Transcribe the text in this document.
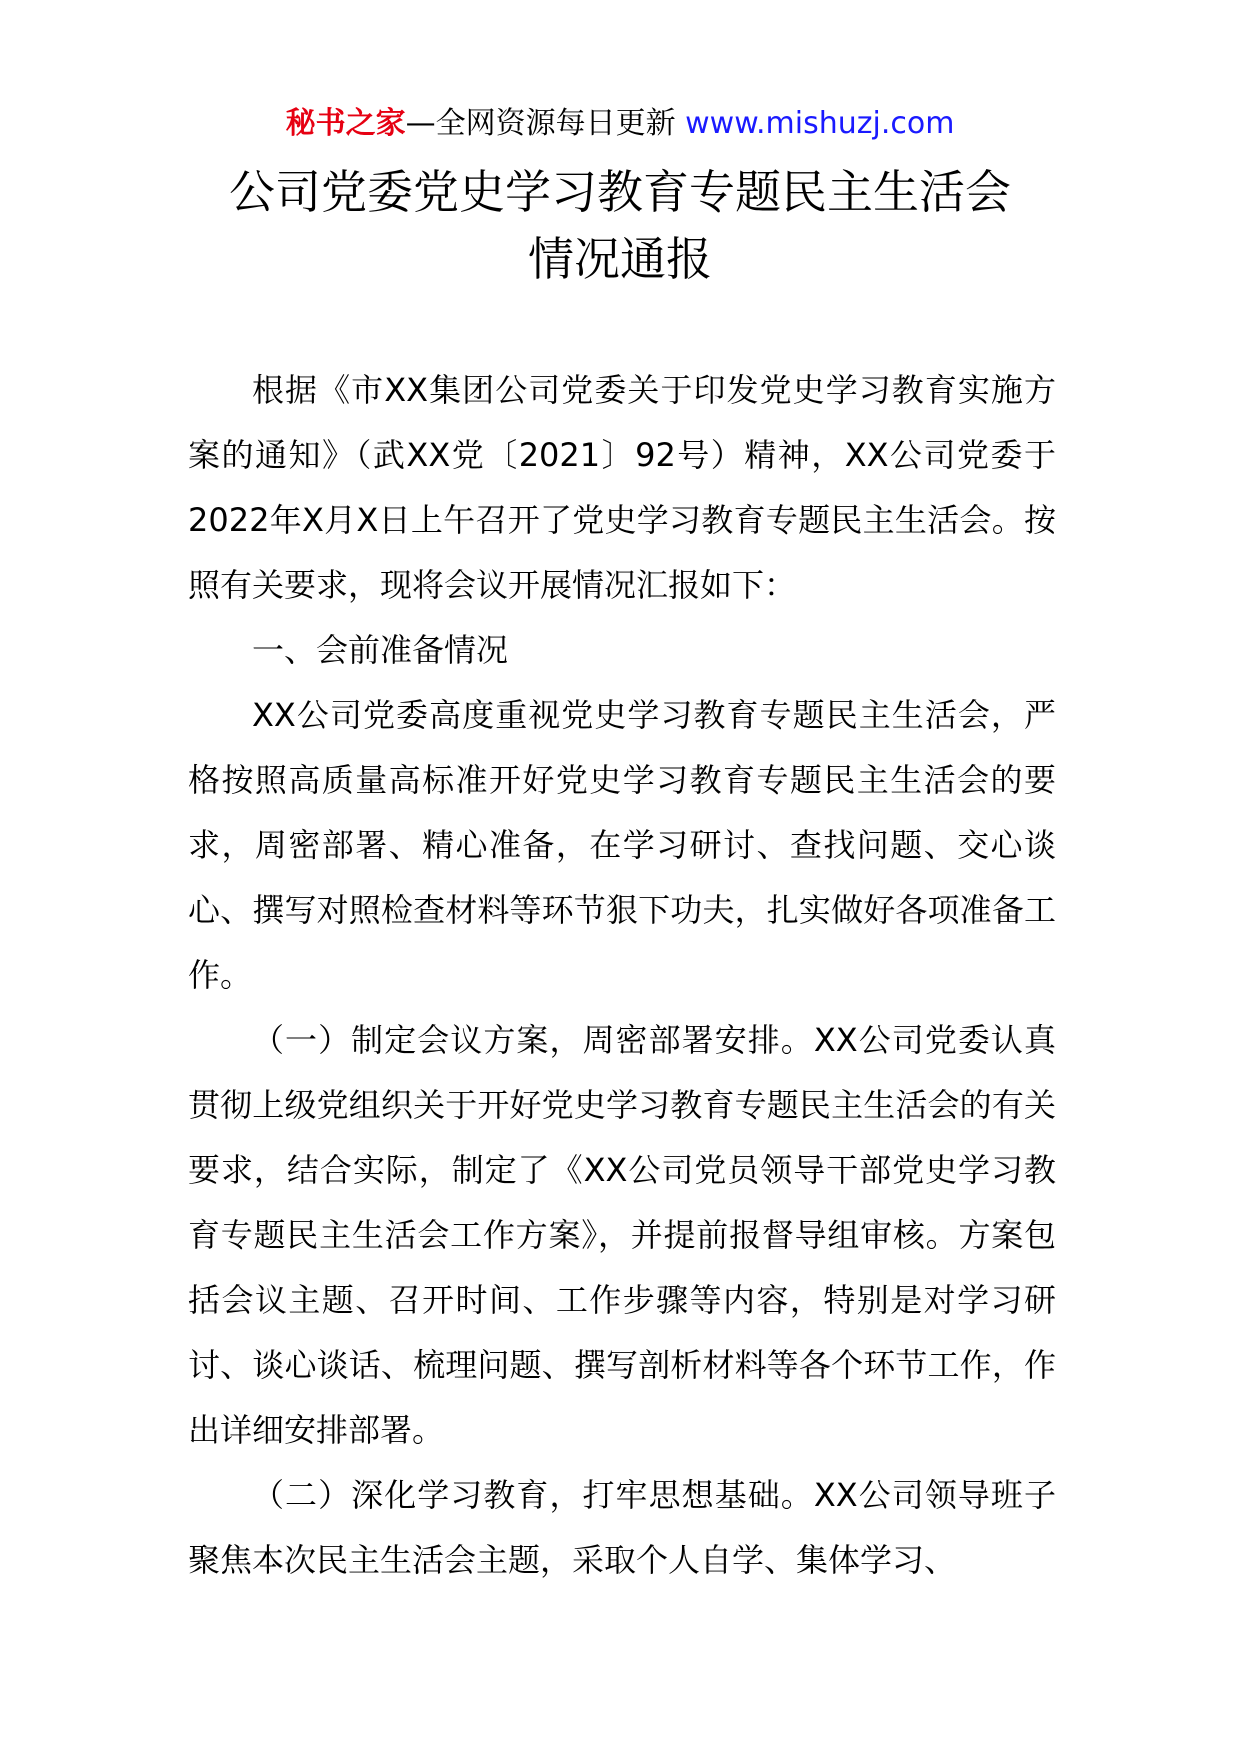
秘书之家—全网资源每日更新 www.mishuzj.com
公司党委党史学习教育专题民主生活会
情况通报

根据《市XX集团公司党委关于印发党史学习教育实施方案的通知》（武XX党〔2021〕92号）精神，XX公司党委于2022年X月X日上午召开了党史学习教育专题民主生活会。按照有关要求，现将会议开展情况汇报如下：

一、会前准备情况

XX公司党委高度重视党史学习教育专题民主生活会，严格按照高质量高标准开好党史学习教育专题民主生活会的要求，周密部署、精心准备，在学习研讨、查找问题、交心谈心、撰写对照检查材料等环节狠下功夫，扎实做好各项准备工作。

（一）制定会议方案，周密部署安排。XX公司党委认真贯彻上级党组织关于开好党史学习教育专题民主生活会的有关要求，结合实际，制定了《XX公司党员领导干部党史学习教育专题民主生活会工作方案》，并提前报督导组审核。方案包括会议主题、召开时间、工作步骤等内容，特别是对学习研讨、谈心谈话、梳理问题、撰写剖析材料等各个环节工作，作出详细安排部署。

（二）深化学习教育，打牢思想基础。XX公司领导班子聚焦本次民主生活会主题，采取个人自学、集体学习、
